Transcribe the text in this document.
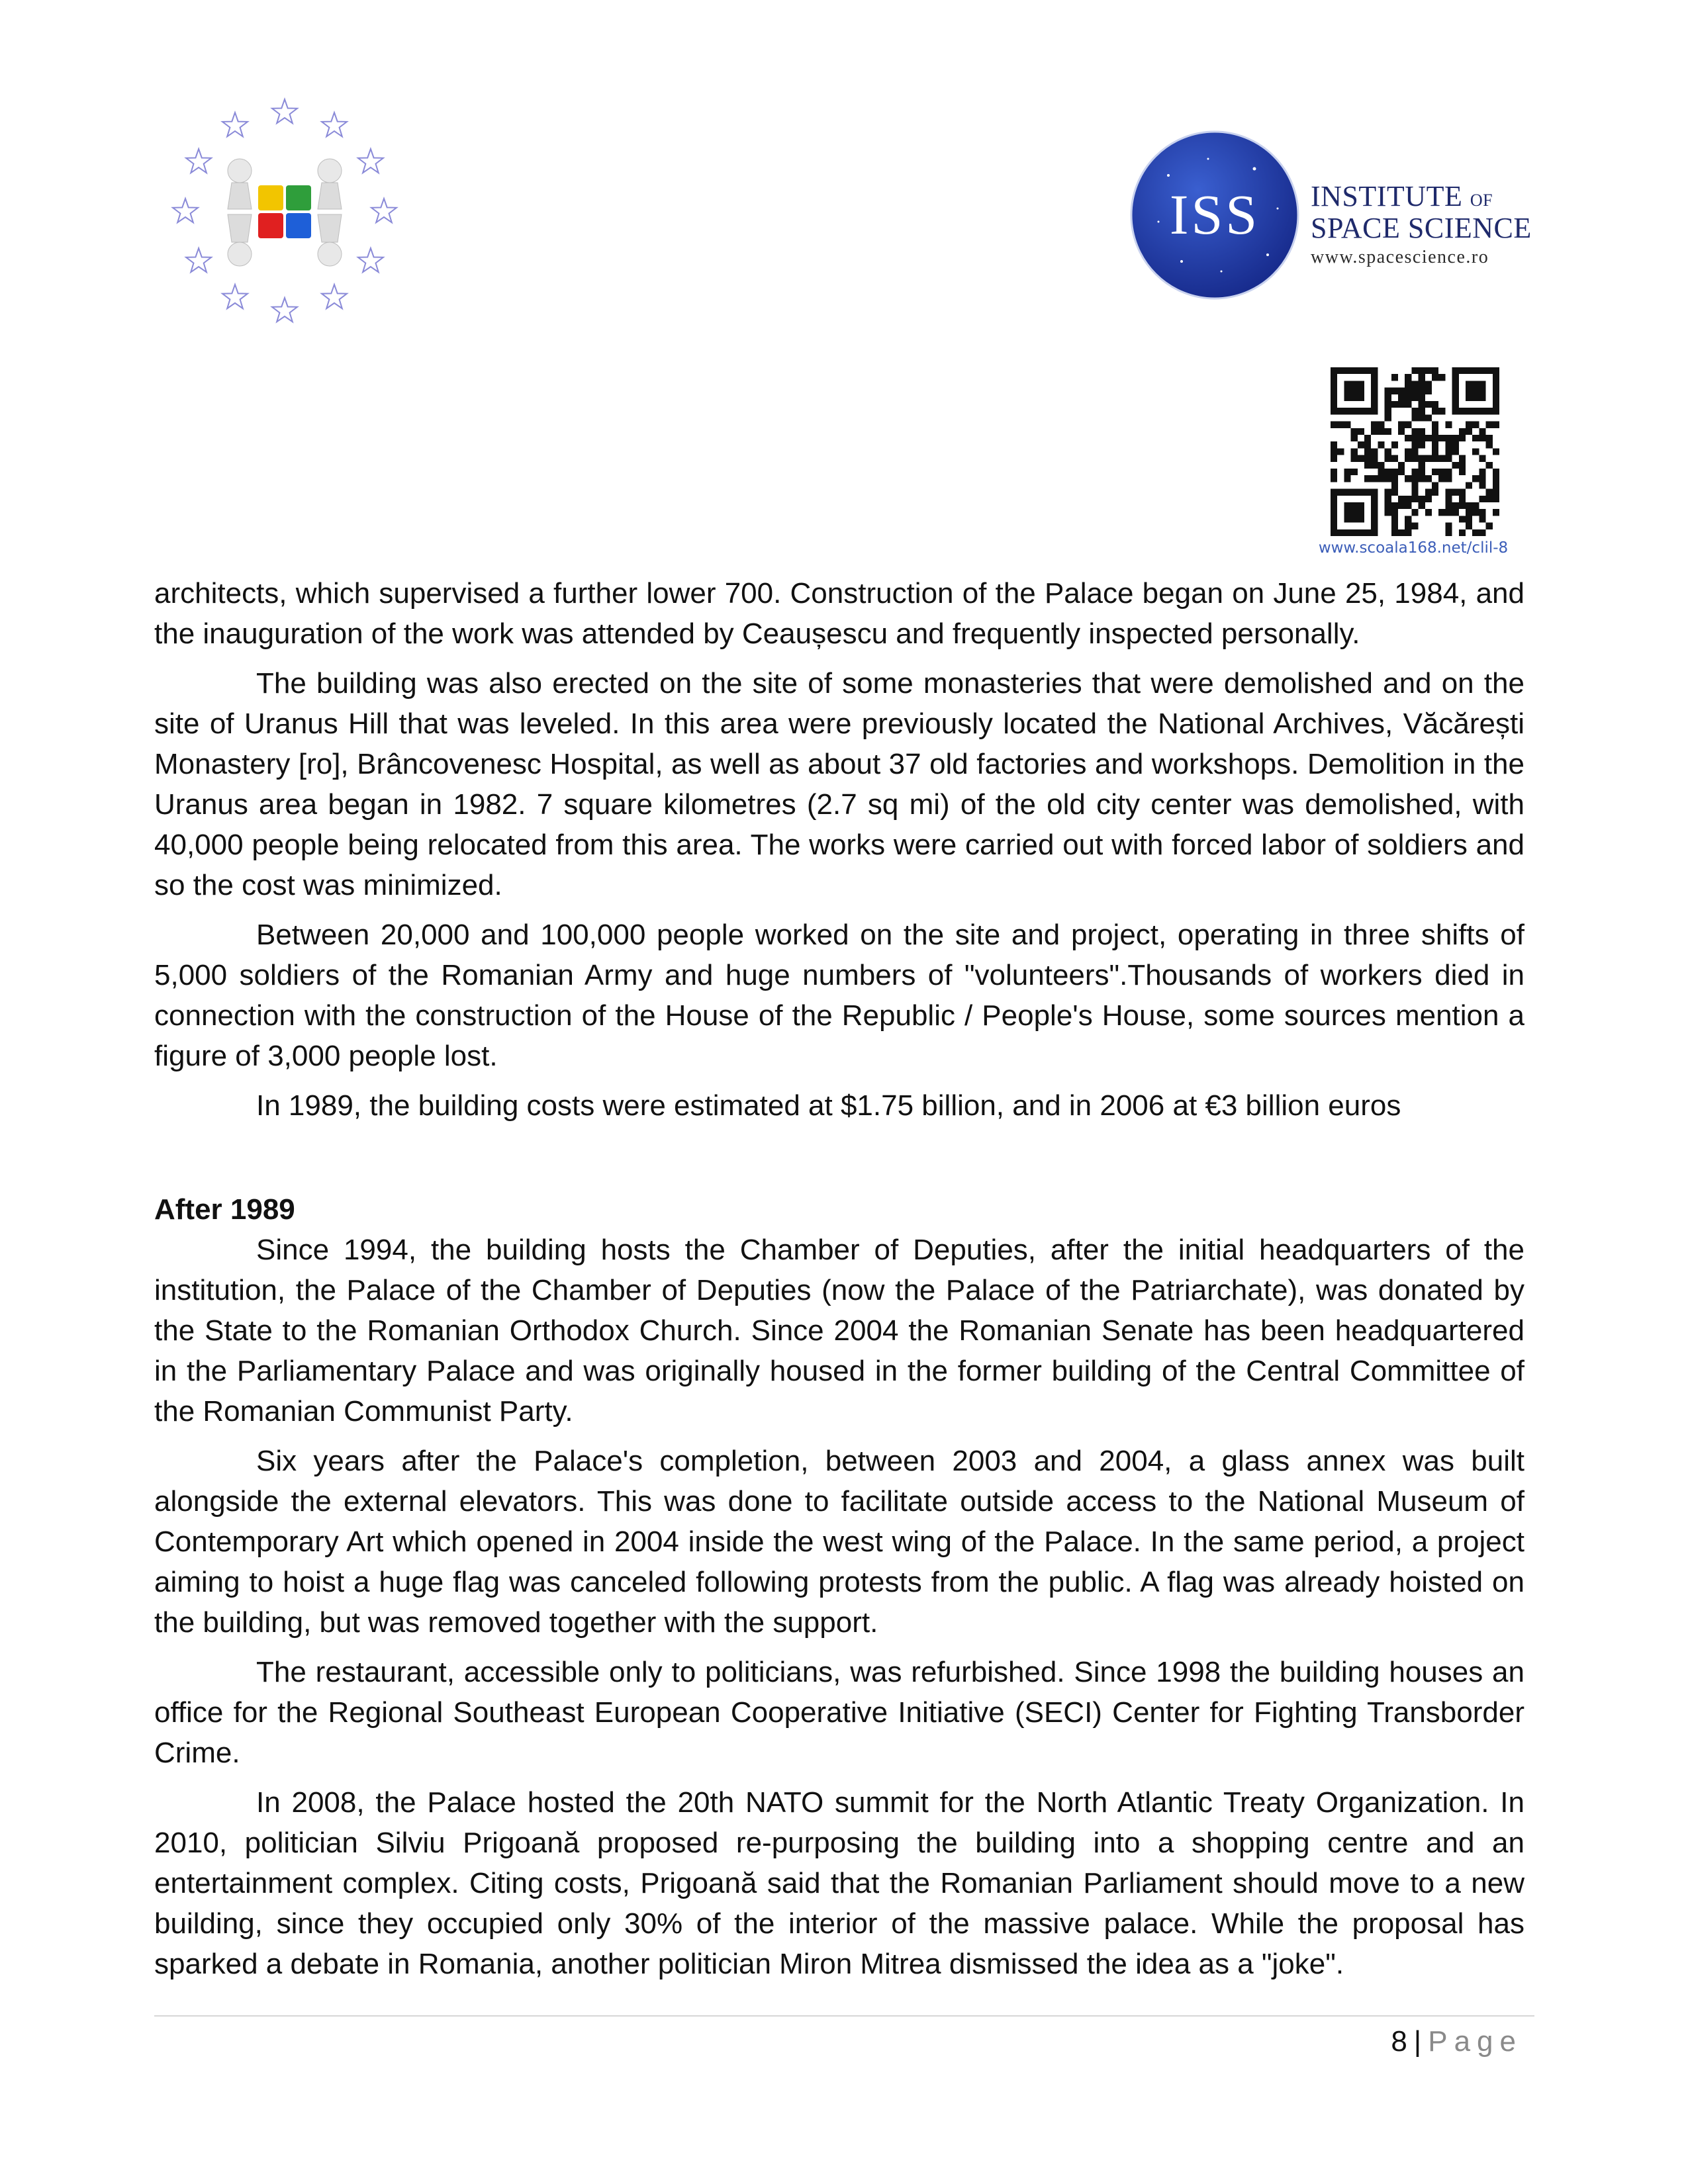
ISS INSTITUTE OF
SPACE SCIENCE
www.spacescience.ro
www.scoala168.net/clil-8

architects, which supervised a further lower 700. Construction of the Palace began on June 25, 1984, and the inauguration of the work was attended by Ceaușescu and frequently inspected personally.

The building was also erected on the site of some monasteries that were demolished and on the site of Uranus Hill that was leveled. In this area were previously located the National Archives, Văcărești Monastery [ro], Brâncovenesc Hospital, as well as about 37 old factories and workshops. Demolition in the Uranus area began in 1982. 7 square kilometres (2.7 sq mi) of the old city center was demolished, with 40,000 people being relocated from this area. The works were carried out with forced labor of soldiers and so the cost was minimized.

Between 20,000 and 100,000 people worked on the site and project, operating in three shifts of 5,000 soldiers of the Romanian Army and huge numbers of "volunteers".Thousands of workers died in connection with the construction of the House of the Republic / People's House, some sources mention a figure of 3,000 people lost.

In 1989, the building costs were estimated at $1.75 billion, and in 2006 at €3 billion euros

After 1989

Since 1994, the building hosts the Chamber of Deputies, after the initial headquarters of the institution, the Palace of the Chamber of Deputies (now the Palace of the Patriarchate), was donated by the State to the Romanian Orthodox Church. Since 2004 the Romanian Senate has been headquartered in the Parliamentary Palace and was originally housed in the former building of the Central Committee of the Romanian Communist Party.

Six years after the Palace's completion, between 2003 and 2004, a glass annex was built alongside the external elevators. This was done to facilitate outside access to the National Museum of Contemporary Art which opened in 2004 inside the west wing of the Palace. In the same period, a project aiming to hoist a huge flag was canceled following protests from the public. A flag was already hoisted on the building, but was removed together with the support.

The restaurant, accessible only to politicians, was refurbished. Since 1998 the building houses an office for the Regional Southeast European Cooperative Initiative (SECI) Center for Fighting Transborder Crime.

In 2008, the Palace hosted the 20th NATO summit for the North Atlantic Treaty Organization. In 2010, politician Silviu Prigoană proposed re-purposing the building into a shopping centre and an entertainment complex. Citing costs, Prigoană said that the Romanian Parliament should move to a new building, since they occupied only 30% of the interior of the massive palace. While the proposal has sparked a debate in Romania, another politician Miron Mitrea dismissed the idea as a "joke".

8 | Page
